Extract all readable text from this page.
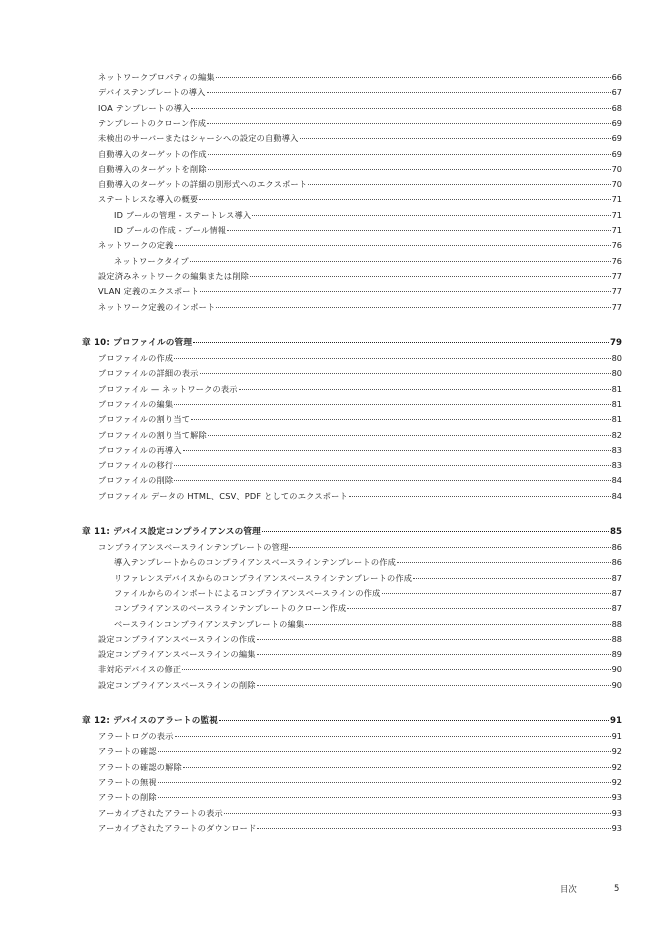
ネットワークプロパティの編集	66
デバイステンプレートの導入	67
IOA テンプレートの導入	68
テンプレートのクローン作成	69
未検出のサーバーまたはシャーシへの設定の自動導入	69
自動導入のターゲットの作成	69
自動導入のターゲットを削除	70
自動導入のターゲットの詳細の別形式へのエクスポート	70
ステートレスな導入の概要	71
ID プールの管理 - ステートレス導入	71
ID プールの作成 - プール情報	71
ネットワークの定義	76
ネットワークタイプ	76
設定済みネットワークの編集または削除	77
VLAN 定義のエクスポート	77
ネットワーク定義のインポート	77
章 10: プロファイルの管理	79
プロファイルの作成	80
プロファイルの詳細の表示	80
プロファイル — ネットワークの表示	81
プロファイルの編集	81
プロファイルの割り当て	81
プロファイルの割り当て解除	82
プロファイルの再導入	83
プロファイルの移行	83
プロファイルの削除	84
プロファイル データの HTML、CSV、PDF としてのエクスポート	84
章 11: デバイス設定コンプライアンスの管理	85
コンプライアンスベースラインテンプレートの管理	86
導入テンプレートからのコンプライアンスベースラインテンプレートの作成	86
リファレンスデバイスからのコンプライアンスベースラインテンプレートの作成	87
ファイルからのインポートによるコンプライアンスベースラインの作成	87
コンプライアンスのベースラインテンプレートのクローン作成	87
ベースラインコンプライアンステンプレートの編集	88
設定コンプライアンスベースラインの作成	88
設定コンプライアンスベースラインの編集	89
非対応デバイスの修正	90
設定コンプライアンスベースラインの削除	90
章 12: デバイスのアラートの監視	91
アラートログの表示	91
アラートの確認	92
アラートの確認の解除	92
アラートの無視	92
アラートの削除	93
アーカイブされたアラートの表示	93
アーカイブされたアラートのダウンロード	93
目次	5
